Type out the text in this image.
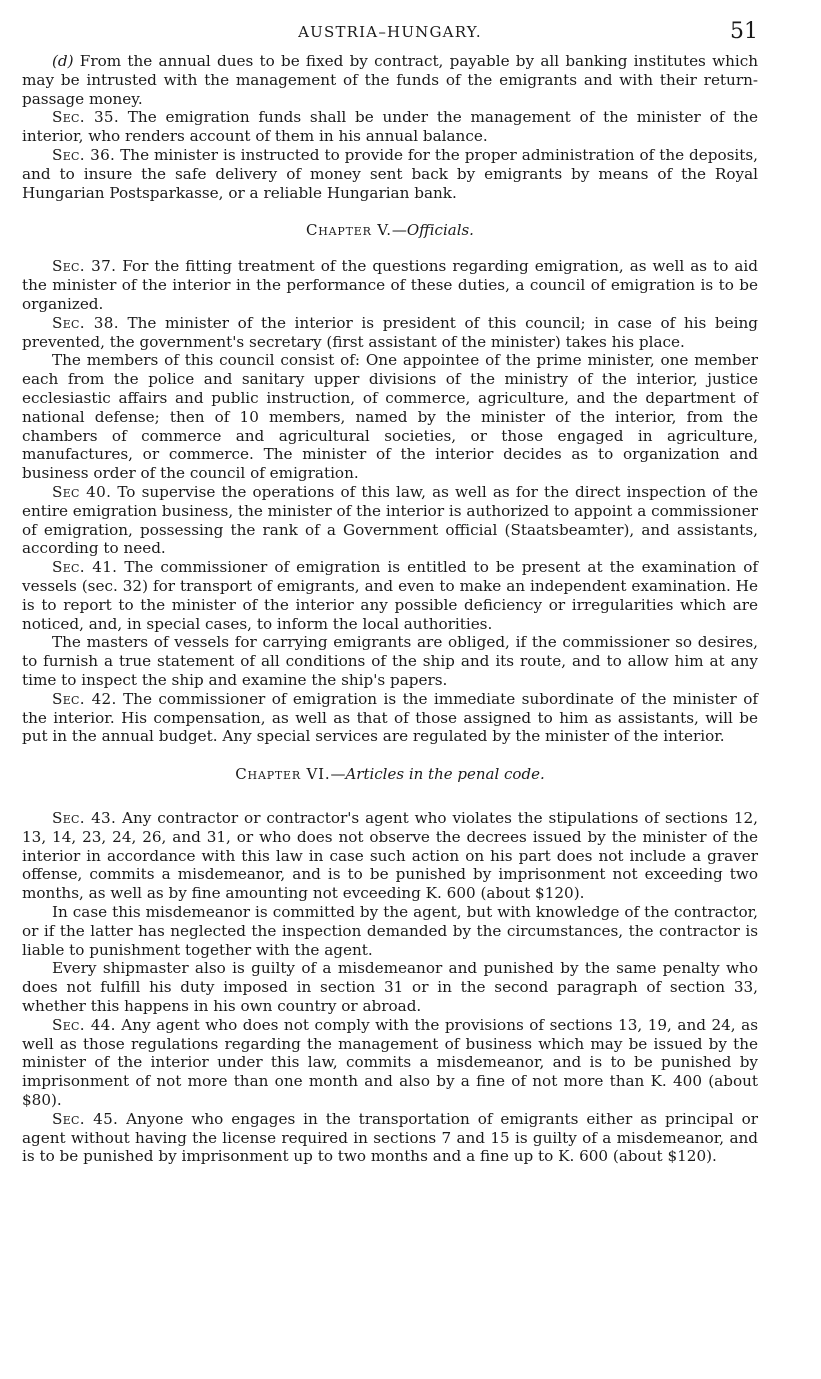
AUSTRIA–HUNGARY.	51

(d) From the annual dues to be fixed by contract, payable by all banking institutes which may be intrusted with the management of the funds of the emigrants and with their return-passage money.

Sec. 35. The emigration funds shall be under the management of the minister of the interior, who renders account of them in his annual balance.

Sec. 36. The minister is instructed to provide for the proper administration of the deposits, and to insure the safe delivery of money sent back by emigrants by means of the Royal Hungarian Postsparkasse, or a reliable Hungarian bank.

Chapter V.—Officials.

Sec. 37. For the fitting treatment of the questions regarding emigration, as well as to aid the minister of the interior in the performance of these duties, a council of emigration is to be organized.

Sec. 38. The minister of the interior is president of this council; in case of his being prevented, the government's secretary (first assistant of the minister) takes his place.

The members of this council consist of: One appointee of the prime minister, one member each from the police and sanitary upper divisions of the ministry of the interior, justice ecclesiastic affairs and public instruction, of commerce, agriculture, and the department of national defense; then of 10 members, named by the minister of the interior, from the chambers of commerce and agricultural societies, or those engaged in agriculture, manufactures, or commerce. The minister of the interior decides as to organization and business order of the council of emigration.

Sec 40. To supervise the operations of this law, as well as for the direct inspection of the entire emigration business, the minister of the interior is authorized to appoint a commissioner of emigration, possessing the rank of a Government official (Staatsbeamter), and assistants, according to need.

Sec. 41. The commissioner of emigration is entitled to be present at the examination of vessels (sec. 32) for transport of emigrants, and even to make an independent examination. He is to report to the minister of the interior any possible deficiency or irregularities which are noticed, and, in special cases, to inform the local authorities.

The masters of vessels for carrying emigrants are obliged, if the commissioner so desires, to furnish a true statement of all conditions of the ship and its route, and to allow him at any time to inspect the ship and examine the ship's papers.

Sec. 42. The commissioner of emigration is the immediate subordinate of the minister of the interior. His compensation, as well as that of those assigned to him as assistants, will be put in the annual budget. Any special services are regulated by the minister of the interior.

Chapter VI.—Articles in the penal code.

Sec. 43. Any contractor or contractor's agent who violates the stipulations of sections 12, 13, 14, 23, 24, 26, and 31, or who does not observe the decrees issued by the minister of the interior in accordance with this law in case such action on his part does not include a graver offense, commits a misdemeanor, and is to be punished by imprisonment not exceeding two months, as well as by fine amounting not evceeding K. 600 (about $120).

In case this misdemeanor is committed by the agent, but with knowledge of the contractor, or if the latter has neglected the inspection demanded by the circumstances, the contractor is liable to punishment together with the agent.

Every shipmaster also is guilty of a misdemeanor and punished by the same penalty who does not fulfill his duty imposed in section 31 or in the second paragraph of section 33, whether this happens in his own country or abroad.

Sec. 44. Any agent who does not comply with the provisions of sections 13, 19, and 24, as well as those regulations regarding the management of business which may be issued by the minister of the interior under this law, commits a misdemeanor, and is to be punished by imprisonment of not more than one month and also by a fine of not more than K. 400 (about $80).

Sec. 45. Anyone who engages in the transportation of emigrants either as principal or agent without having the license required in sections 7 and 15 is guilty of a misdemeanor, and is to be punished by imprisonment up to two months and a fine up to K. 600 (about $120).
